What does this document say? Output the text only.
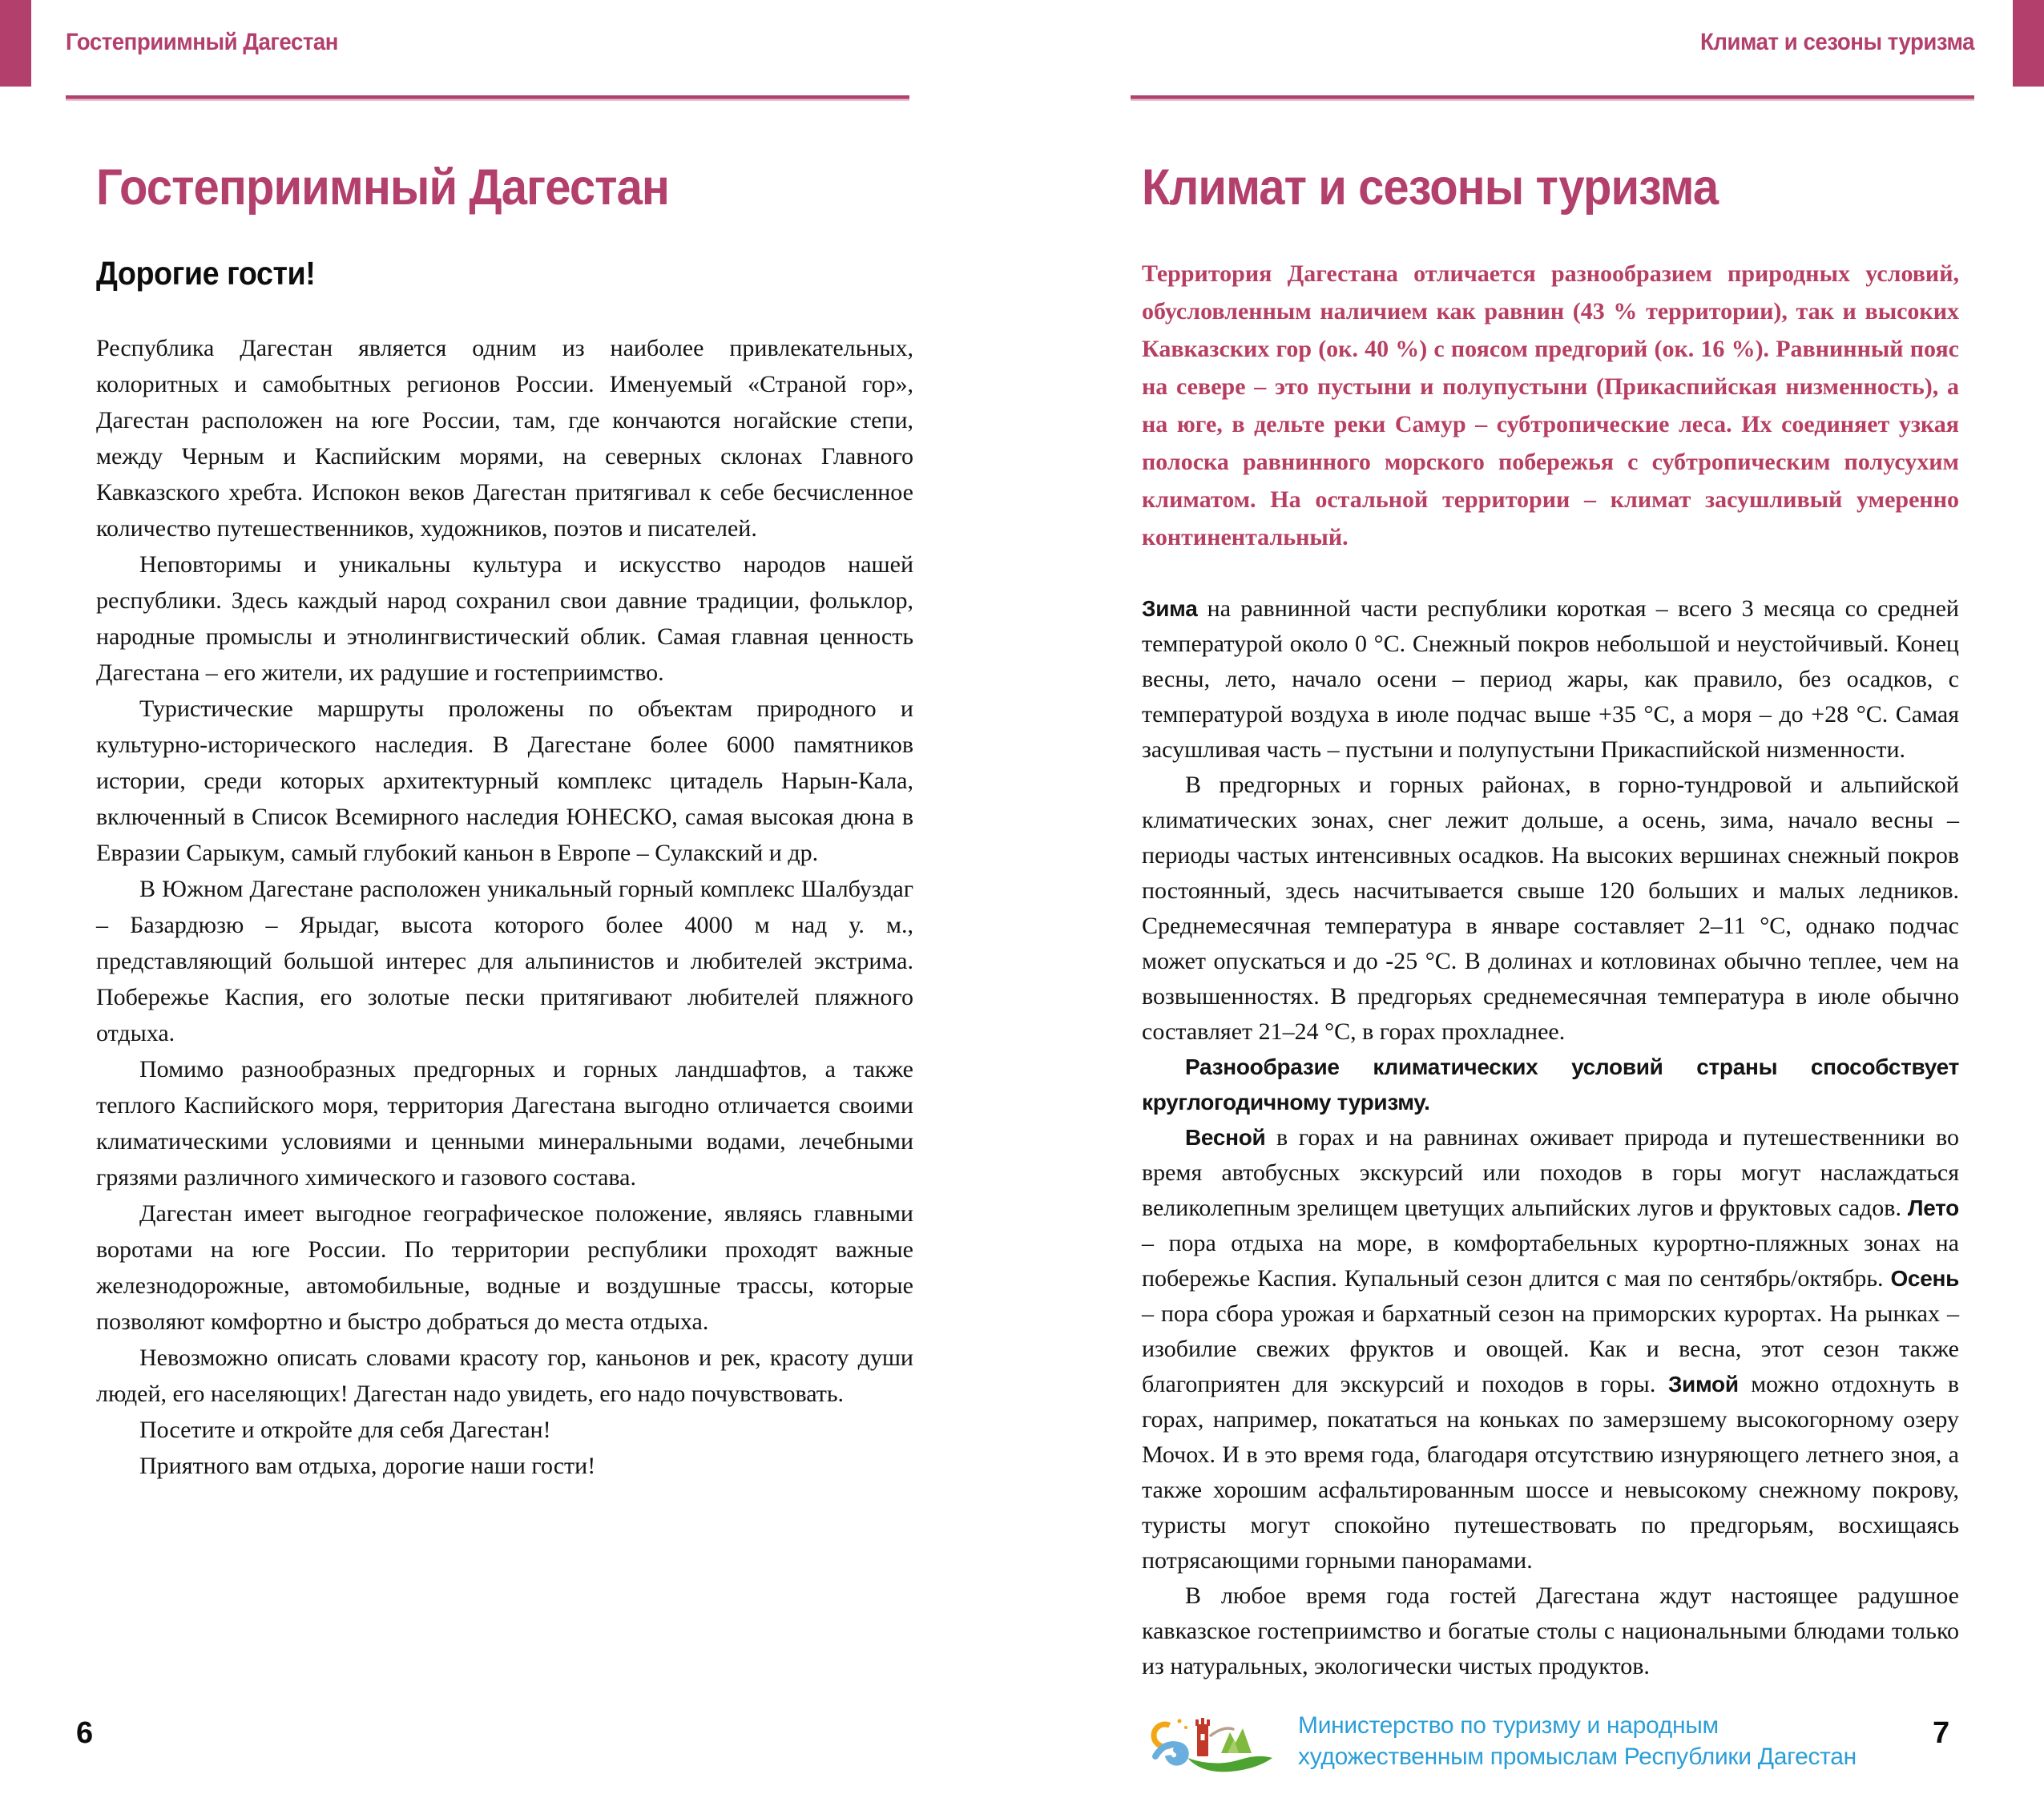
Гостеприимный Дагестан	Климат и сезоны туризма
Гостеприимный Дагестан
Дорогие гости!

Республика Дагестан является одним из наиболее привлекательных, колоритных и самобытных регионов России. Именуемый «Страной гор», Дагестан расположен на юге России, там, где кончаются ногайские степи, между Черным и Каспийским морями, на северных склонах Главного Кавказского хребта. Испокон веков Дагестан притягивал к себе бесчисленное количество путешественников, художников, поэтов и писателей.

Неповторимы и уникальны культура и искусство народов нашей республики. Здесь каждый народ сохранил свои давние традиции, фольклор, народные промыслы и этнолингвистический облик. Самая главная ценность Дагестана – его жители, их радушие и гостеприимство.

Туристические маршруты проложены по объектам природного и культурно-исторического наследия. В Дагестане более 6000 памятников истории, среди которых архитектурный комплекс цитадель Нарын-Кала, включенный в Список Всемирного наследия ЮНЕСКО, самая высокая дюна в Евразии Сарыкум, самый глубокий каньон в Европе – Сулакский и др.

В Южном Дагестане расположен уникальный горный комплекс Шалбуздаг – Базардюзю – Ярыдаг, высота которого более 4000 м над у. м., представляющий большой интерес для альпинистов и любителей экстрима. Побережье Каспия, его золотые пески притягивают любителей пляжного отдыха.

Помимо разнообразных предгорных и горных ландшафтов, а также теплого Каспийского моря, территория Дагестана выгодно отличается своими климатическими условиями и ценными минеральными водами, лечебными грязями различного химического и газового состава.

Дагестан имеет выгодное географическое положение, являясь главными воротами на юге России. По территории республики проходят важные железнодорожные, автомобильные, водные и воздушные трассы, которые позволяют комфортно и быстро добраться до места отдыха.

Невозможно описать словами красоту гор, каньонов и рек, красоту души людей, его населяющих! Дагестан надо увидеть, его надо почувствовать.

Посетите и откройте для себя Дагестан!

Приятного вам отдыха, дорогие наши гости!

6
Климат и сезоны туризма

Территория Дагестана отличается разнообразием природных условий, обусловленным наличием как равнин (43 % территории), так и высоких Кавказских гор (ок. 40 %) с поясом предгорий (ок. 16 %). Равнинный пояс на севере – это пустыни и полупустыни (Прикаспийская низменность), а на юге, в дельте реки Самур – субтропические леса. Их соединяет узкая полоска равнинного морского побережья с субтропическим полусухим климатом. На остальной территории – климат засушливый умеренно континентальный.

Зима на равнинной части республики короткая – всего 3 месяца со средней температурой около 0 °C. Снежный покров небольшой и неустойчивый. Конец весны, лето, начало осени – период жары, как правило, без осадков, с температурой воздуха в июле подчас выше +35 °C, а моря – до +28 °C. Самая засушливая часть – пустыни и полупустыни Прикаспийской низменности.

В предгорных и горных районах, в горно-тундровой и альпийской климатических зонах, снег лежит дольше, а осень, зима, начало весны – периоды частых интенсивных осадков. На высоких вершинах снежный покров постоянный, здесь насчитывается свыше 120 больших и малых ледников. Среднемесячная температура в январе составляет 2–11 °C, однако подчас может опускаться и до -25 °C. В долинах и котловинах обычно теплее, чем на возвышенностях. В предгорьях среднемесячная температура в июле обычно составляет 21–24 °C, в горах прохладнее.

Разнообразие климатических условий страны способствует круглогодичному туризму.

Весной в горах и на равнинах оживает природа и путешественники во время автобусных экскурсий или походов в горы могут наслаждаться великолепным зрелищем цветущих альпийских лугов и фруктовых садов. Лето – пора отдыха на море, в комфортабельных курортно-пляжных зонах на побережье Каспия. Купальный сезон длится с мая по сентябрь/октябрь. Осень – пора сбора урожая и бархатный сезон на приморских курортах. На рынках – изобилие свежих фруктов и овощей. Как и весна, этот сезон также благоприятен для экскурсий и походов в горы. Зимой можно отдохнуть в горах, например, покататься на коньках по замерзшему высокогорному озеру Мочох. И в это время года, благодаря отсутствию изнуряющего летнего зноя, а также хорошим асфальтированным шоссе и невысокому снежному покрову, туристы могут спокойно путешествовать по предгорьям, восхищаясь потрясающими горными панорамами.

В любое время года гостей Дагестана ждут настоящее радушное кавказское гостеприимство и богатые столы с национальными блюдами только из натуральных, экологически чистых продуктов.

7
Министерство по туризму и народным
художественным промыслам Республики Дагестан
